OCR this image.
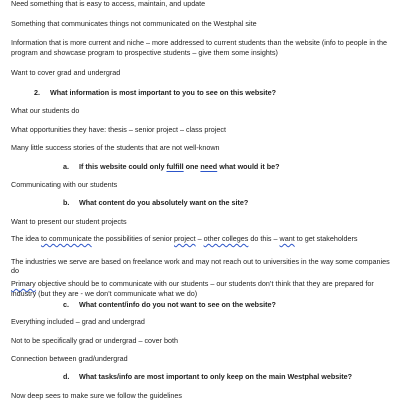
Need something that is easy to access, maintain, and update
Something that communicates things not communicated on the Westphal site
Information that is more current and niche – more addressed to current students than the website (info to people in the program and showcase program to prospective students – give them some insights)
Want to cover grad and undergrad
2. What information is most important to you to see on this website?
What our students do
What opportunities they have: thesis – senior project – class project
Many little success stories of the students that are not well-known
a. If this website could only fulfill one need what would it be?
Communicating with our students
b. What content do you absolutely want on the site?
Want to present our student projects
The idea to communicate the possibilities of senior project – other colleges do this – want to get stakeholders
The industries we serve are based on freelance work and may not reach out to universities in the way some companies do
Primary objective should be to communicate with our students – our students don’t think that they are prepared for industry (but they are - we don’t communicate what we do)
c. What content/info do you not want to see on the website?
Everything included – grad and undergrad
Not to be specifically grad or undergrad – cover both
Connection between grad/undergrad
d. What tasks/info are most important to only keep on the main Westphal website?
Now deep sees to make sure we follow the guidelines
